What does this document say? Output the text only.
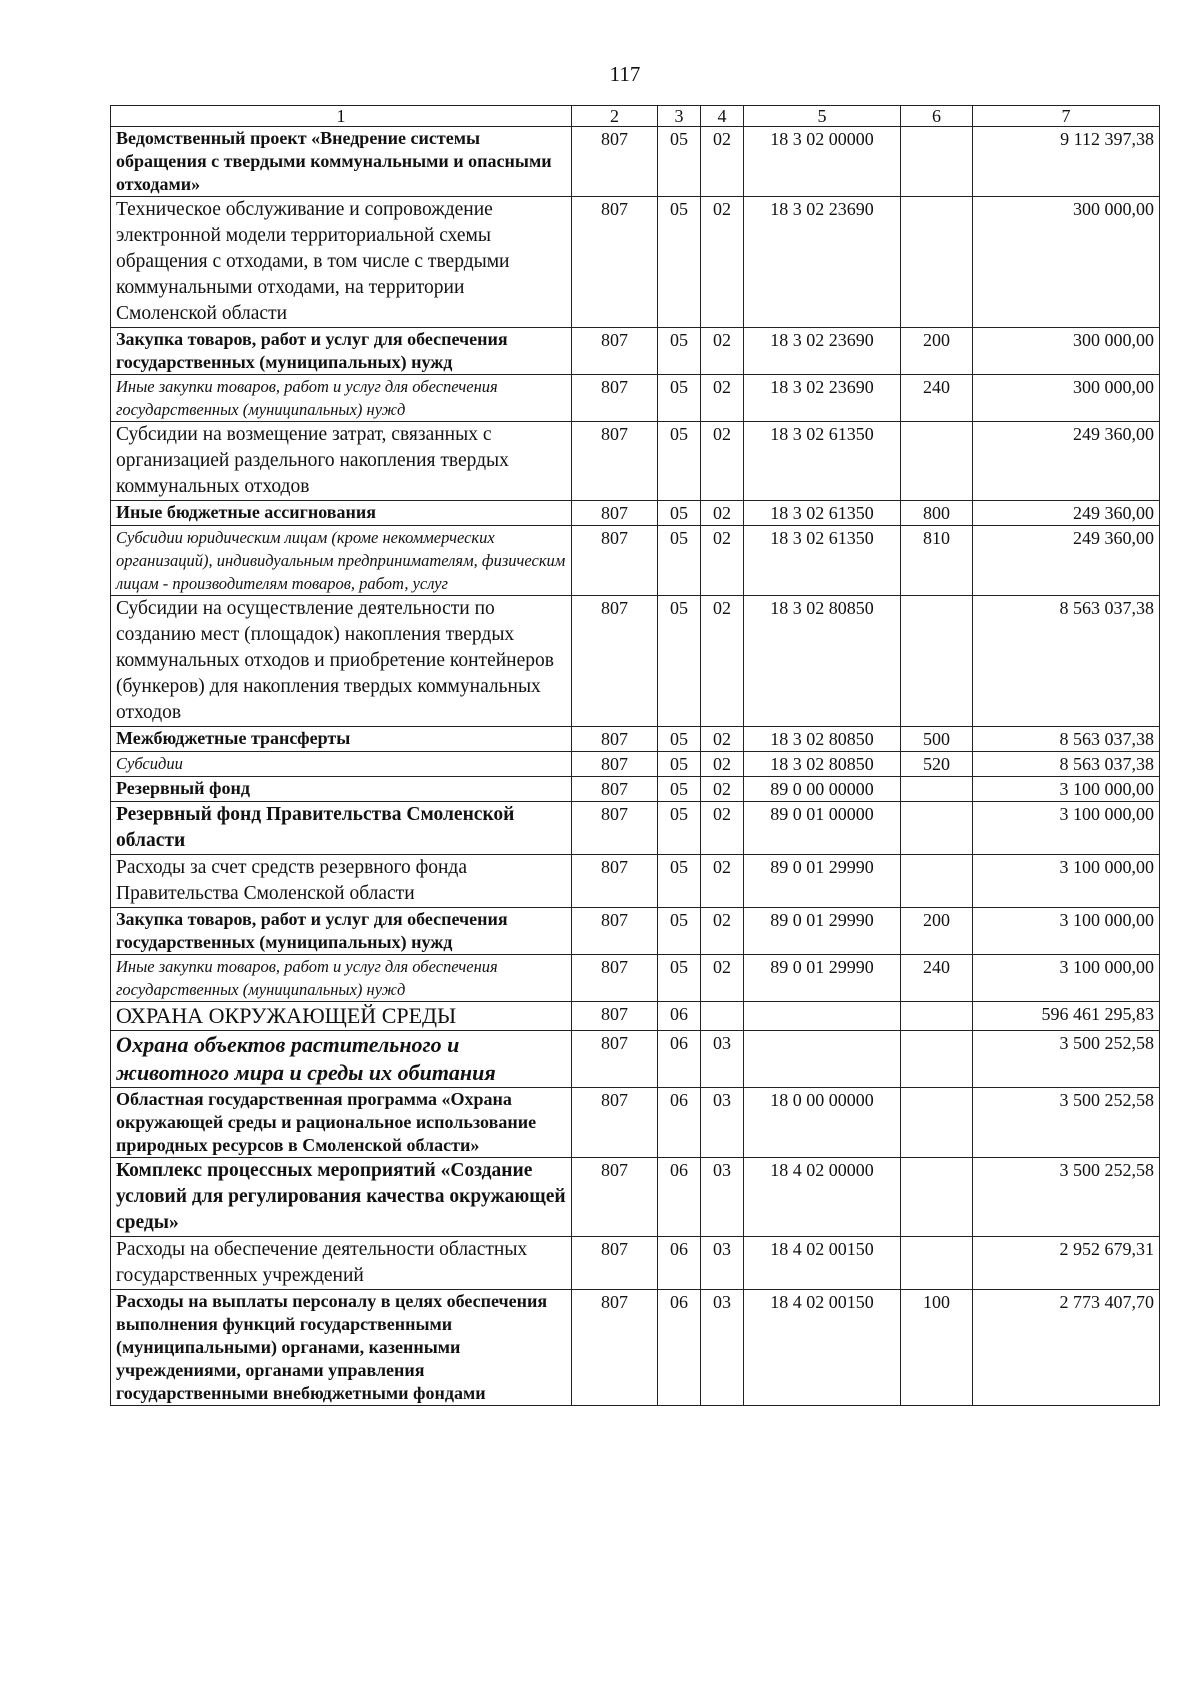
117
1	2	3	4	5	6	7
Ведомственный проект «Внедрение системы обращения с твердыми коммунальными и опасными отходами»	807	05	02	18 3 02 00000		9 112 397,38
Техническое обслуживание и сопровождение электронной модели территориальной схемы обращения с отходами, в том числе с твердыми коммунальными отходами, на территории Смоленской области	807	05	02	18 3 02 23690		300 000,00
Закупка товаров, работ и услуг для обеспечения государственных (муниципальных) нужд	807	05	02	18 3 02 23690	200	300 000,00
Иные закупки товаров, работ и услуг для обеспечения государственных (муниципальных) нужд	807	05	02	18 3 02 23690	240	300 000,00
Субсидии на возмещение затрат, связанных с организацией раздельного накопления твердых коммунальных отходов	807	05	02	18 3 02 61350		249 360,00
Иные бюджетные ассигнования	807	05	02	18 3 02 61350	800	249 360,00
Субсидии юридическим лицам (кроме некоммерческих организаций), индивидуальным предпринимателям, физическим лицам - производителям товаров, работ, услуг	807	05	02	18 3 02 61350	810	249 360,00
Субсидии на осуществление деятельности по созданию мест (площадок) накопления твердых коммунальных отходов и приобретение контейнеров (бункеров) для накопления твердых коммунальных отходов	807	05	02	18 3 02 80850		8 563 037,38
Межбюджетные трансферты	807	05	02	18 3 02 80850	500	8 563 037,38
Субсидии	807	05	02	18 3 02 80850	520	8 563 037,38
Резервный фонд	807	05	02	89 0 00 00000		3 100 000,00
Резервный фонд Правительства Смоленской области	807	05	02	89 0 01 00000		3 100 000,00
Расходы за счет средств резервного фонда Правительства Смоленской области	807	05	02	89 0 01 29990		3 100 000,00
Закупка товаров, работ и услуг для обеспечения государственных (муниципальных) нужд	807	05	02	89 0 01 29990	200	3 100 000,00
Иные закупки товаров, работ и услуг для обеспечения государственных (муниципальных) нужд	807	05	02	89 0 01 29990	240	3 100 000,00
ОХРАНА ОКРУЖАЮЩЕЙ СРЕДЫ	807	06				596 461 295,83
Охрана объектов растительного и животного мира и среды их обитания	807	06	03			3 500 252,58
Областная государственная программа «Охрана окружающей среды и рациональное использование природных ресурсов в Смоленской области»	807	06	03	18 0 00 00000		3 500 252,58
Комплекс процессных мероприятий «Создание условий для регулирования качества окружающей среды»	807	06	03	18 4 02 00000		3 500 252,58
Расходы на обеспечение деятельности областных государственных учреждений	807	06	03	18 4 02 00150		2 952 679,31
Расходы на выплаты персоналу в целях обеспечения выполнения функций государственными (муниципальными) органами, казенными учреждениями, органами управления государственными внебюджетными фондами	807	06	03	18 4 02 00150	100	2 773 407,70
